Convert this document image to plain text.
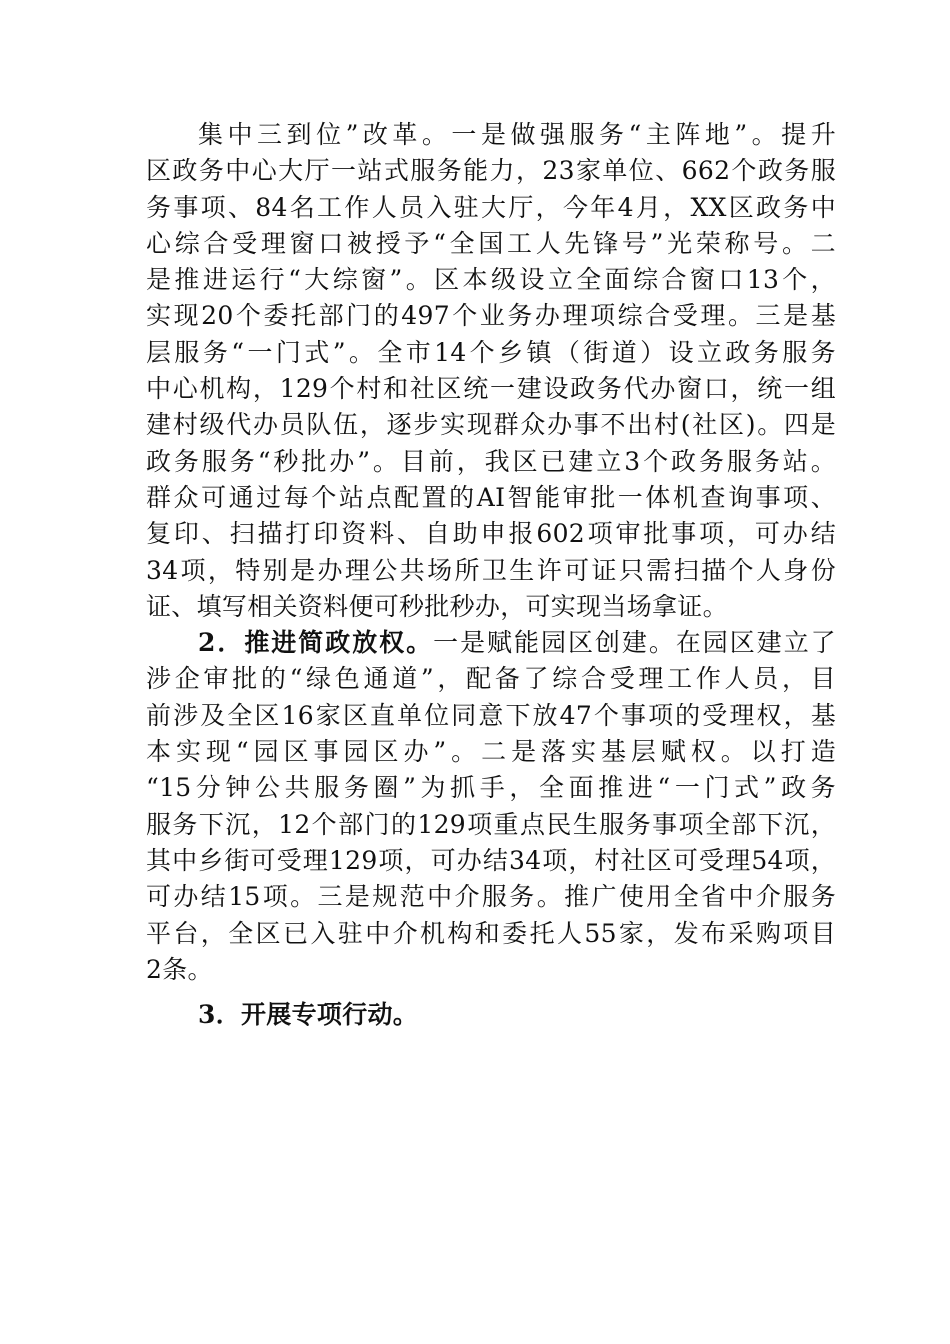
集中三到位”改革。一是做强服务“主阵地”。提升
区政务中心大厅一站式服务能力，23家单位、662个政务服
务事项、84名工作人员入驻大厅，今年4月，XX区政务中
心综合受理窗口被授予“全国工人先锋号”光荣称号。二
是推进运行“大综窗”。区本级设立全面综合窗口13个，
实现20个委托部门的497个业务办理项综合受理。三是基
层服务“一门式”。全市14个乡镇（街道）设立政务服务
中心机构，129个村和社区统一建设政务代办窗口，统一组
建村级代办员队伍，逐步实现群众办事不出村(社区)。四是
政务服务“秒批办”。目前，我区已建立3个政务服务站。
群众可通过每个站点配置的AI智能审批一体机查询事项、
复印、扫描打印资料、自助申报602项审批事项，可办结
34项，特别是办理公共场所卫生许可证只需扫描个人身份
证、填写相关资料便可秒批秒办，可实现当场拿证。
2．推进简政放权。一是赋能园区创建。在园区建立了
涉企审批的“绿色通道”，配备了综合受理工作人员，目
前涉及全区16家区直单位同意下放47个事项的受理权，基
本实现“园区事园区办”。二是落实基层赋权。以打造
“15分钟公共服务圈”为抓手，全面推进“一门式”政务
服务下沉，12个部门的129项重点民生服务事项全部下沉，
其中乡街可受理129项，可办结34项，村社区可受理54项，
可办结15项。三是规范中介服务。推广使用全省中介服务
平台，全区已入驻中介机构和委托人55家，发布采购项目
2条。
3．开展专项行动。
